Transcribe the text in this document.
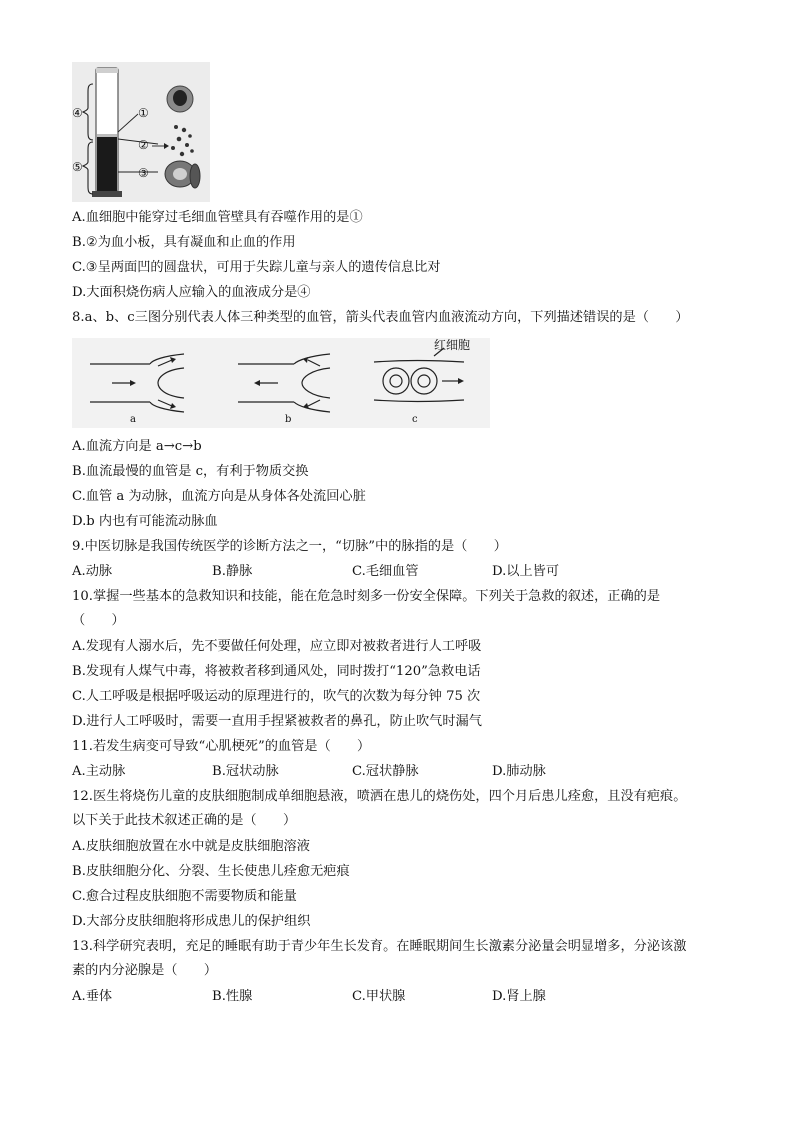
④
⑤
①
②
③
A.血细胞中能穿过毛细血管壁具有吞噬作用的是①
B.②为血小板，具有凝血和止血的作用
C.③呈两面凹的圆盘状，可用于失踪儿童与亲人的遗传信息比对
D.大面积烧伤病人应输入的血液成分是④
8.a、b、c三图分别代表人体三种类型的血管，箭头代表血管内血液流动方向，下列描述错误的是（　　）
a	b
红细胞
c
A.血流方向是 a→c→b
B.血流最慢的血管是 c，有利于物质交换
C.血管 a 为动脉，血流方向是从身体各处流回心脏
D.b 内也有可能流动脉血
9.中医切脉是我国传统医学的诊断方法之一，“切脉”中的脉指的是（　　）
A.动脉	B.静脉	C.毛细血管	D.以上皆可
10.掌握一些基本的急救知识和技能，能在危急时刻多一份安全保障。下列关于急救的叙述，正确的是
（　　）
A.发现有人溺水后，先不要做任何处理，应立即对被救者进行人工呼吸
B.发现有人煤气中毒，将被救者移到通风处，同时拨打“120”急救电话
C.人工呼吸是根据呼吸运动的原理进行的，吹气的次数为每分钟 75 次
D.进行人工呼吸时，需要一直用手捏紧被救者的鼻孔，防止吹气时漏气
11.若发生病变可导致“心肌梗死”的血管是（　　）
A.主动脉	B.冠状动脉	C.冠状静脉	D.肺动脉
12.医生将烧伤儿童的皮肤细胞制成单细胞悬液，喷洒在患儿的烧伤处，四个月后患儿痊愈，且没有疤痕。
以下关于此技术叙述正确的是（　　）
A.皮肤细胞放置在水中就是皮肤细胞溶液
B.皮肤细胞分化、分裂、生长使患儿痊愈无疤痕
C.愈合过程皮肤细胞不需要物质和能量
D.大部分皮肤细胞将形成患儿的保护组织
13.科学研究表明，充足的睡眠有助于青少年生长发育。在睡眠期间生长激素分泌量会明显增多，分泌该激
素的内分泌腺是（　　）
A.垂体	B.性腺	C.甲状腺	D.肾上腺
